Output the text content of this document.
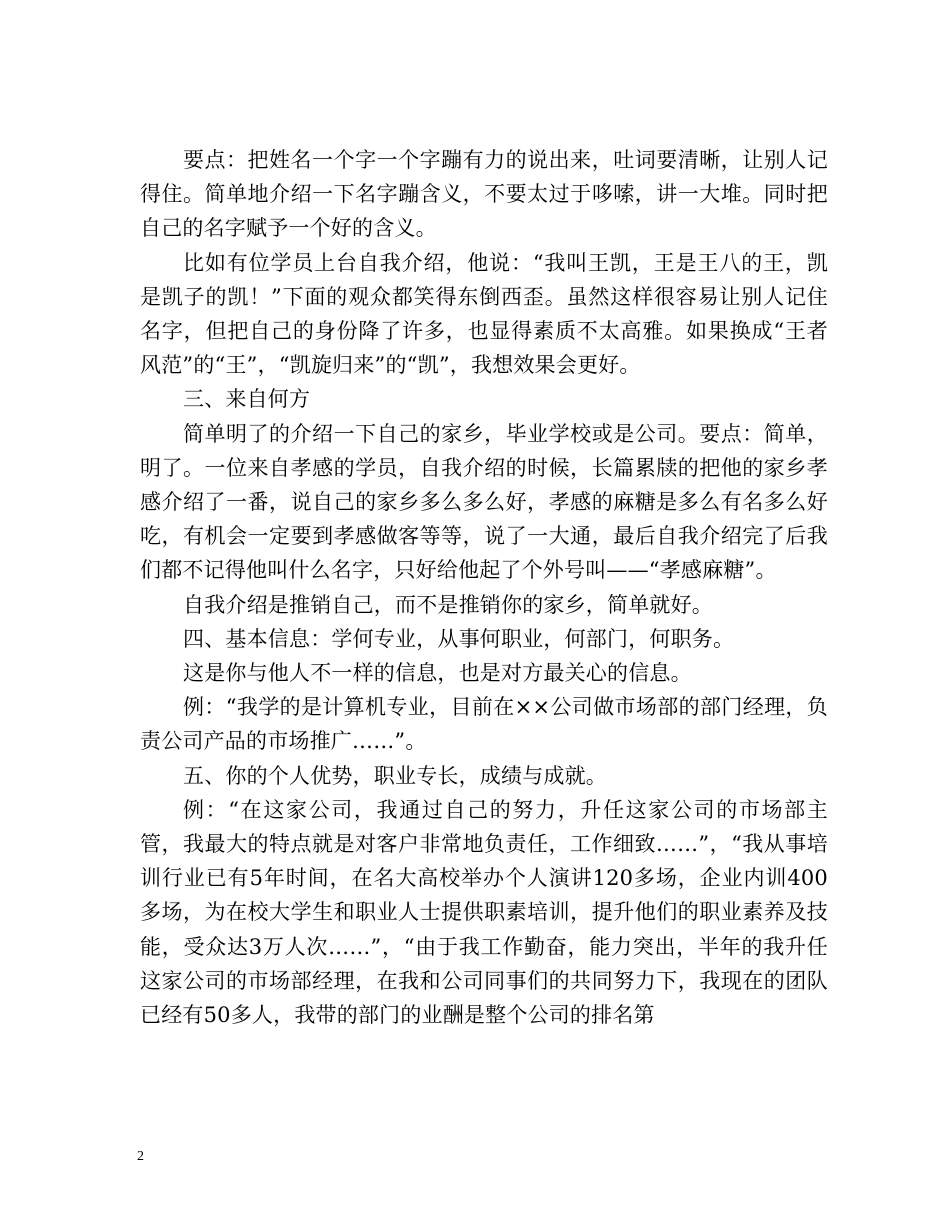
要点：把姓名一个字一个字蹦有力的说出来，吐词要清晰，让别人记得住。简单地介绍一下名字蹦含义，不要太过于哆嗦，讲一大堆。同时把自己的名字赋予一个好的含义。

比如有位学员上台自我介绍，他说：“我叫王凯，王是王八的王，凯是凯子的凯！”下面的观众都笑得东倒西歪。虽然这样很容易让别人记住名字，但把自己的身份降了许多，也显得素质不太高雅。如果换成“王者风范”的“王”，“凯旋归来”的“凯”，我想效果会更好。

三、来自何方

简单明了的介绍一下自己的家乡，毕业学校或是公司。要点：简单，明了。一位来自孝感的学员，自我介绍的时候，长篇累牍的把他的家乡孝感介绍了一番，说自己的家乡多么多么好，孝感的麻糖是多么有名多么好吃，有机会一定要到孝感做客等等，说了一大通，最后自我介绍完了后我们都不记得他叫什么名字，只好给他起了个外号叫——“孝感麻糖”。

自我介绍是推销自己，而不是推销你的家乡，简单就好。

四、基本信息：学何专业，从事何职业，何部门，何职务。

这是你与他人不一样的信息，也是对方最关心的信息。

例：“我学的是计算机专业，目前在××公司做市场部的部门经理，负责公司产品的市场推广……”。

五、你的个人优势，职业专长，成绩与成就。

例：“在这家公司，我通过自己的努力，升任这家公司的市场部主管，我最大的特点就是对客户非常地负责任，工作细致……”，“我从事培训行业已有5年时间，在名大高校举办个人演讲120多场，企业内训400多场，为在校大学生和职业人士提供职素培训，提升他们的职业素养及技能，受众达3万人次……”，“由于我工作勤奋，能力突出，半年的我升任这家公司的市场部经理，在我和公司同事们的共同努力下，我现在的团队已经有50多人，我带的部门的业酬是整个公司的排名第

2
